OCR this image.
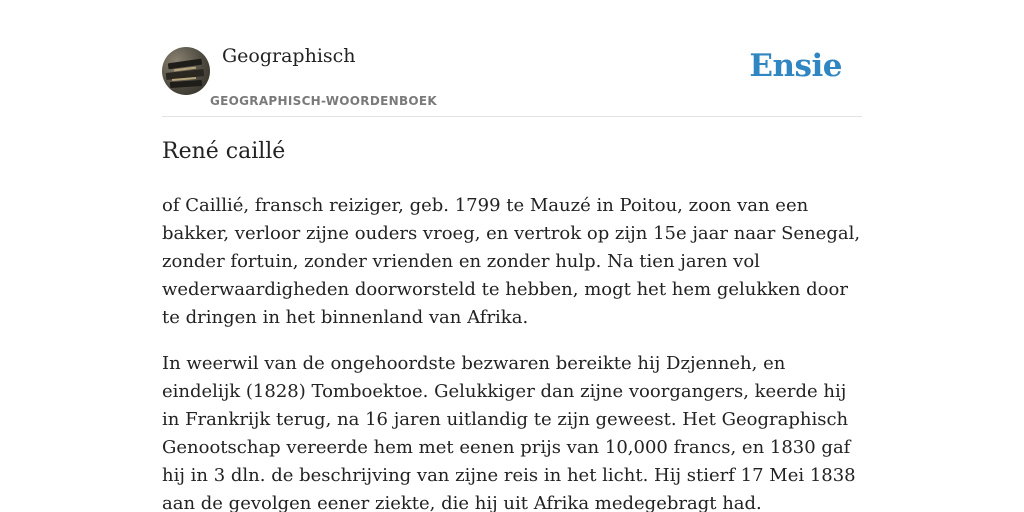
Geographisch
GEOGRAPHISCH-WOORDENBOEK
Ensie
René caillé

of Caillié, fransch reiziger, geb. 1799 te Mauzé in Poitou, zoon van een bakker, verloor zijne ouders vroeg, en vertrok op zijn 15e jaar naar Senegal, zonder fortuin, zonder vrienden en zonder hulp. Na tien jaren vol wederwaardigheden doorworsteld te hebben, mogt het hem gelukken door te dringen in het binnenland van Afrika.

In weerwil van de ongehoordste bezwaren bereikte hij Dzjenneh, en eindelijk (1828) Tomboektoe. Gelukkiger dan zijne voorgangers, keerde hij in Frankrijk terug, na 16 jaren uitlandig te zijn geweest. Het Geographisch Genootschap vereerde hem met eenen prijs van 10,000 francs, en 1830 gaf hij in 3 dln. de beschrijving van zijne reis in het licht. Hij stierf 17 Mei 1838 aan de gevolgen eener ziekte, die hij uit Afrika medegebragt had.
